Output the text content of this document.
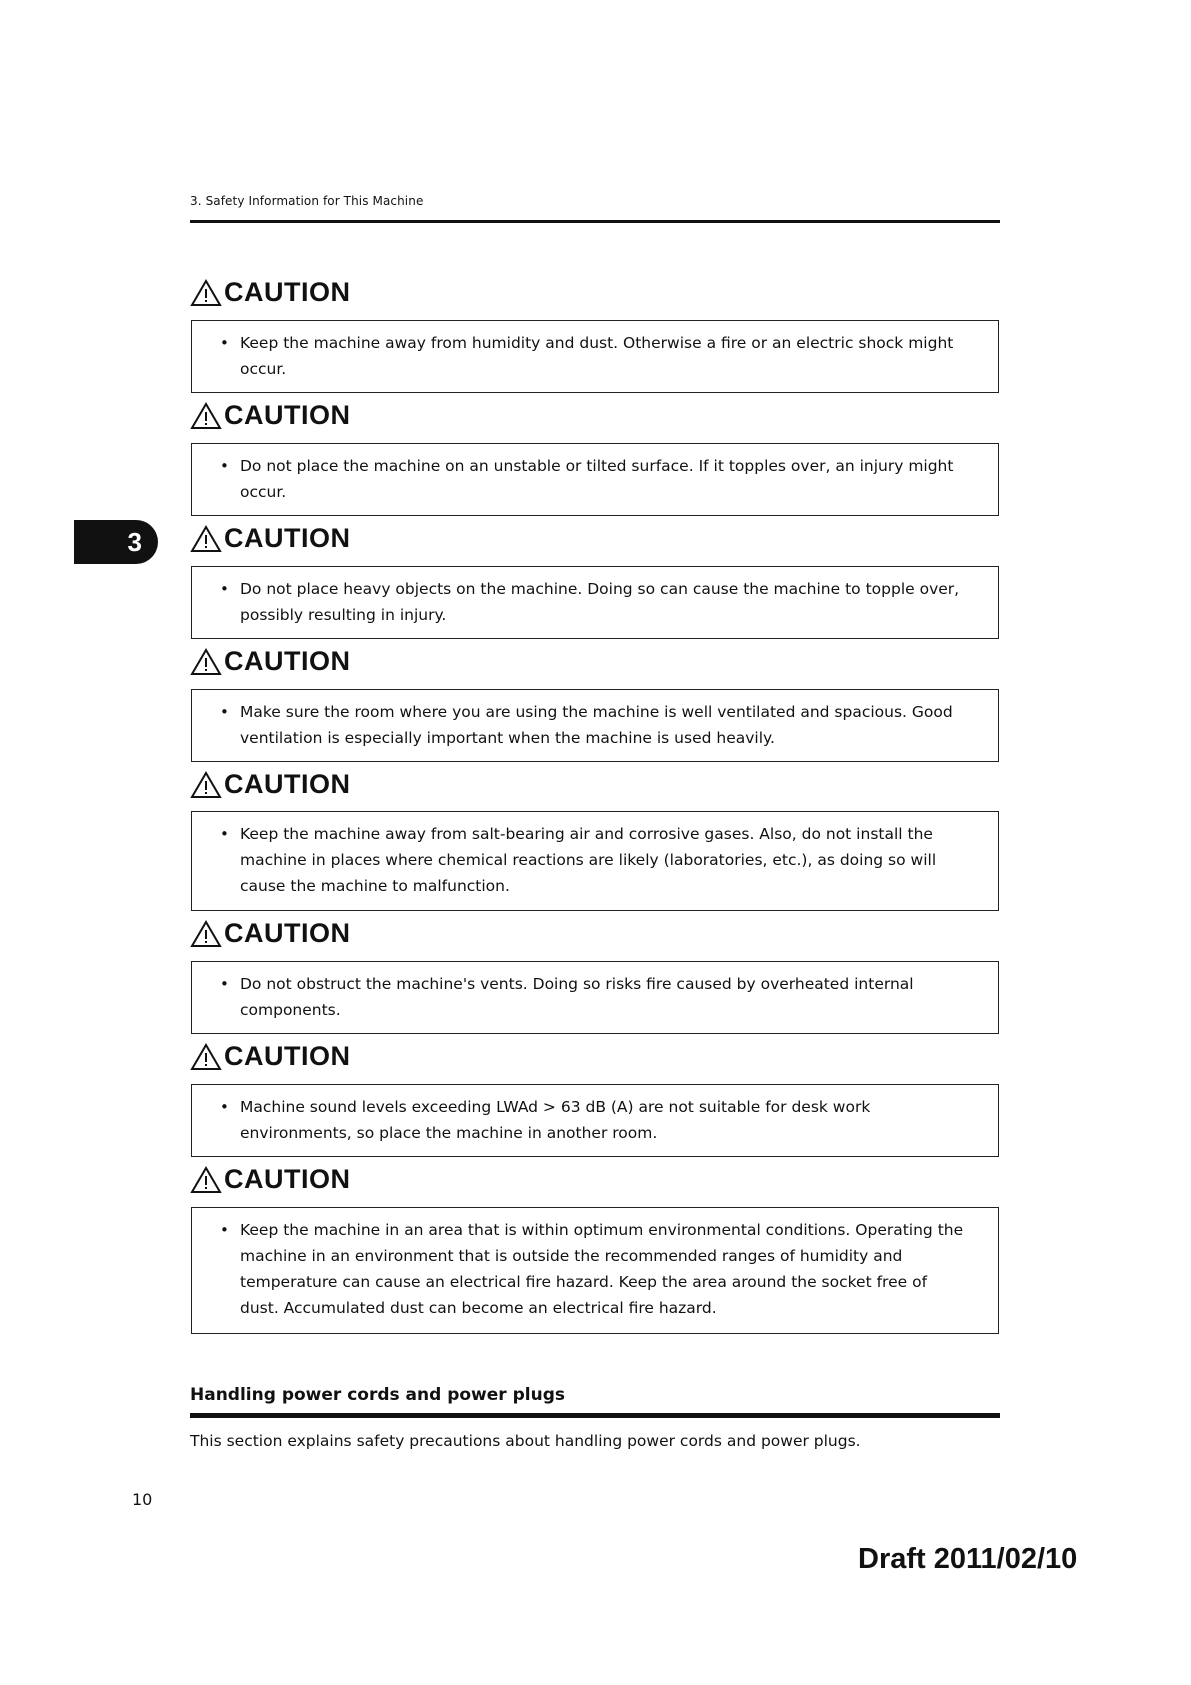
3. Safety Information for This Machine
3
CAUTION
• Keep the machine away from humidity and dust. Otherwise a fire or an electric shock might occur.
CAUTION
• Do not place the machine on an unstable or tilted surface. If it topples over, an injury might occur.
CAUTION
• Do not place heavy objects on the machine. Doing so can cause the machine to topple over, possibly resulting in injury.
CAUTION
• Make sure the room where you are using the machine is well ventilated and spacious. Good ventilation is especially important when the machine is used heavily.
CAUTION
• Keep the machine away from salt-bearing air and corrosive gases. Also, do not install the machine in places where chemical reactions are likely (laboratories, etc.), as doing so will cause the machine to malfunction.
CAUTION
• Do not obstruct the machine's vents. Doing so risks fire caused by overheated internal components.
CAUTION
• Machine sound levels exceeding LWAd > 63 dB (A) are not suitable for desk work environments, so place the machine in another room.
CAUTION
• Keep the machine in an area that is within optimum environmental conditions. Operating the machine in an environment that is outside the recommended ranges of humidity and temperature can cause an electrical fire hazard. Keep the area around the socket free of dust. Accumulated dust can become an electrical fire hazard.
Handling power cords and power plugs
This section explains safety precautions about handling power cords and power plugs.
10
Draft 2011/02/10
